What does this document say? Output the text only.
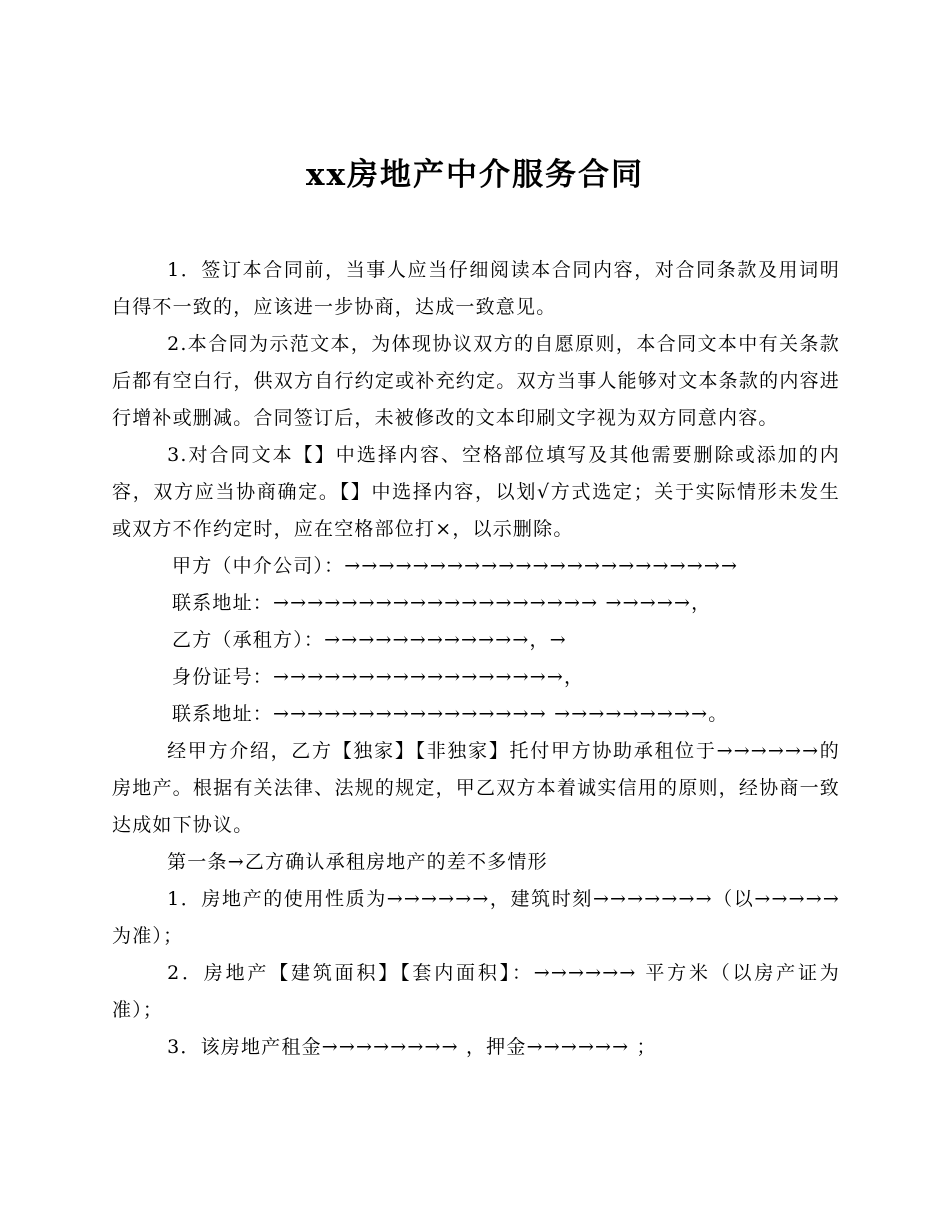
xx房地产中介服务合同

1．签订本合同前，当事人应当仔细阅读本合同内容，对合同条款及用词明白得不一致的，应该进一步协商，达成一致意见。

2.本合同为示范文本，为体现协议双方的自愿原则，本合同文本中有关条款后都有空白行，供双方自行约定或补充约定。双方当事人能够对文本条款的内容进行增补或删减。合同签订后，未被修改的文本印刷文字视为双方同意内容。

3.对合同文本【】中选择内容、空格部位填写及其他需要删除或添加的内容，双方应当协商确定。【】中选择内容，以划√方式选定；关于实际情形未发生或双方不作约定时，应在空格部位打×，以示删除。

甲方（中介公司）：→→→→→→→→→→→→→→→→→→→→→→→

联系地址：→→→→→→→→→→→→→→→→→→→ →→→→→，

乙方（承租方）：→→→→→→→→→→→→，→

身份证号：→→→→→→→→→→→→→→→→→，

联系地址：→→→→→→→→→→→→→→→→ →→→→→→→→→。

经甲方介绍，乙方【独家】【非独家】托付甲方协助承租位于→→→→→→的房地产。根据有关法律、法规的规定，甲乙双方本着诚实信用的原则，经协商一致达成如下协议。

第一条→乙方确认承租房地产的差不多情形

1．房地产的使用性质为→→→→→→，建筑时刻→→→→→→→（以→→→→→为准）；

2．房地产【建筑面积】【套内面积】：→→→→→→ 平方米（以房产证为准）；

3．该房地产租金→→→→→→→→ ，押金→→→→→→ ；
